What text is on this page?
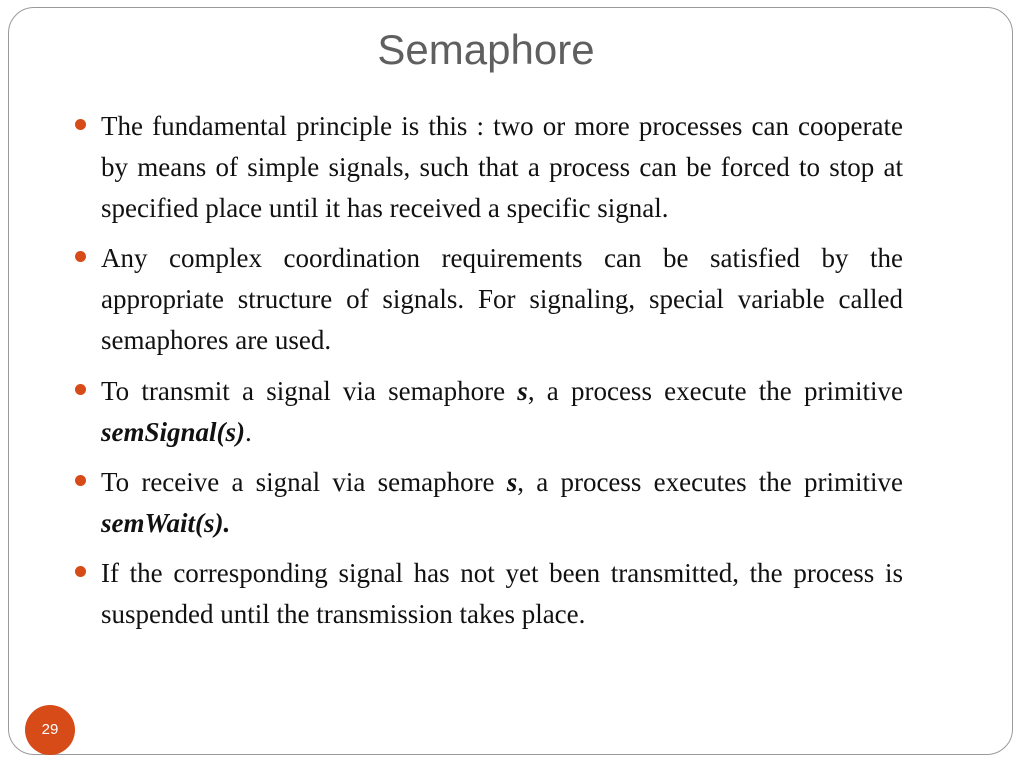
Semaphore
The fundamental principle is this : two or more processes can cooperate by means of simple signals, such that a process can be forced to stop at specified place until it has received a specific signal.
Any complex coordination requirements can be satisfied by the appropriate structure of signals. For signaling, special variable called semaphores are used.
To transmit a signal via semaphore s, a process execute the primitive semSignal(s).
To receive a signal via semaphore s, a process executes the primitive semWait(s).
If the corresponding signal has not yet been transmitted, the process is suspended until the transmission takes place.
29
